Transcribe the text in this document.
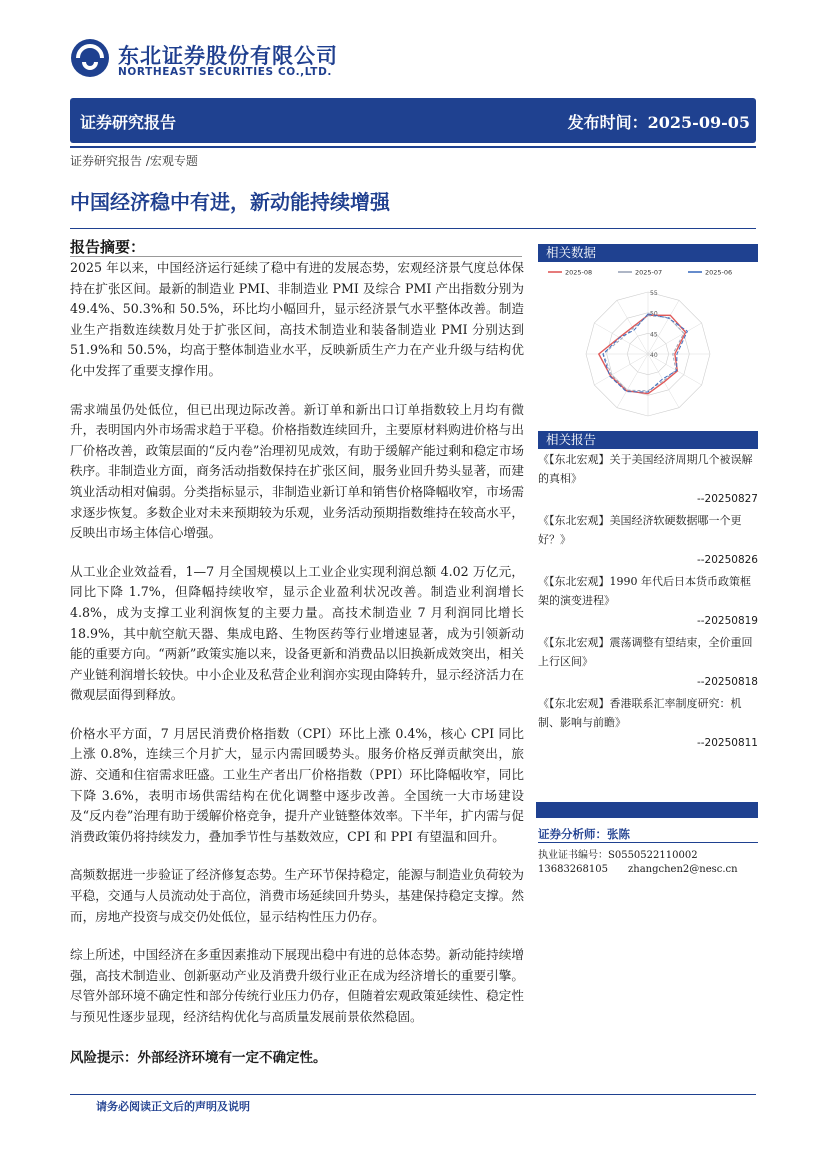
东北证券股份有限公司
NORTHEAST SECURITIES CO.,LTD.
证券研究报告	发布时间：2025-09-05
证券研究报告 /宏观专题
中国经济稳中有进，新动能持续增强
报告摘要：

2025 年以来，中国经济运行延续了稳中有进的发展态势，宏观经济景气度总体保持在扩张区间。最新的制造业 PMI、非制造业 PMI 及综合 PMI 产出指数分别为 49.4%、50.3%和 50.5%，环比均小幅回升，显示经济景气水平整体改善。制造业生产指数连续数月处于扩张区间，高技术制造业和装备制造业 PMI 分别达到 51.9%和 50.5%，均高于整体制造业水平，反映新质生产力在产业升级与结构优化中发挥了重要支撑作用。

需求端虽仍处低位，但已出现边际改善。新订单和新出口订单指数较上月均有微升，表明国内外市场需求趋于平稳。价格指数连续回升，主要原材料购进价格与出厂价格改善，政策层面的“反内卷”治理初见成效，有助于缓解产能过剩和稳定市场秩序。非制造业方面，商务活动指数保持在扩张区间，服务业回升势头显著，而建筑业活动相对偏弱。分类指标显示，非制造业新订单和销售价格降幅收窄，市场需求逐步恢复。多数企业对未来预期较为乐观，业务活动预期指数维持在较高水平，反映出市场主体信心增强。

从工业企业效益看，1—7 月全国规模以上工业企业实现利润总额 4.02 万亿元，同比下降 1.7%，但降幅持续收窄，显示企业盈利状况改善。制造业利润增长 4.8%，成为支撑工业利润恢复的主要力量。高技术制造业 7 月利润同比增长 18.9%，其中航空航天器、集成电路、生物医药等行业增速显著，成为引领新动能的重要方向。“两新”政策实施以来，设备更新和消费品以旧换新成效突出，相关产业链利润增长较快。中小企业及私营企业利润亦实现由降转升，显示经济活力在微观层面得到释放。

价格水平方面，7 月居民消费价格指数（CPI）环比上涨 0.4%，核心 CPI 同比上涨 0.8%，连续三个月扩大，显示内需回暖势头。服务价格反弹贡献突出，旅游、交通和住宿需求旺盛。工业生产者出厂价格指数（PPI）环比降幅收窄，同比下降 3.6%，表明市场供需结构在优化调整中逐步改善。全国统一大市场建设及“反内卷”治理有助于缓解价格竞争，提升产业链整体效率。下半年，扩内需与促消费政策仍将持续发力，叠加季节性与基数效应，CPI 和 PPI 有望温和回升。

高频数据进一步验证了经济修复态势。生产环节保持稳定，能源与制造业负荷较为平稳，交通与人员流动处于高位，消费市场延续回升势头，基建保持稳定支撑。然而，房地产投资与成交仍处低位，显示结构性压力仍存。

综上所述，中国经济在多重因素推动下展现出稳中有进的总体态势。新动能持续增强，高技术制造业、创新驱动产业及消费升级行业正在成为经济增长的重要引擎。尽管外部环境不确定性和部分传统行业压力仍存，但随着宏观政策延续性、稳定性与预见性逐步显现，经济结构优化与高质量发展前景依然稳固。

风险提示：外部经济环境有一定不确定性。
相关数据
55
50
45
40
2025-08	2025-07	2025-06
相关报告
《【东北宏观】关于美国经济周期几个被误解的真相》
--20250827
《【东北宏观】美国经济软硬数据哪一个更好？》
--20250826
《【东北宏观】1990 年代后日本货币政策框架的演变进程》
--20250819
《【东北宏观】震荡调整有望结束，全价重回上行区间》
--20250818
《【东北宏观】香港联系汇率制度研究：机制、影响与前瞻》
--20250811
证券分析师：张陈
执业证书编号：S0550522110002
13683268105 zhangchen2@nesc.cn
请务必阅读正文后的声明及说明
